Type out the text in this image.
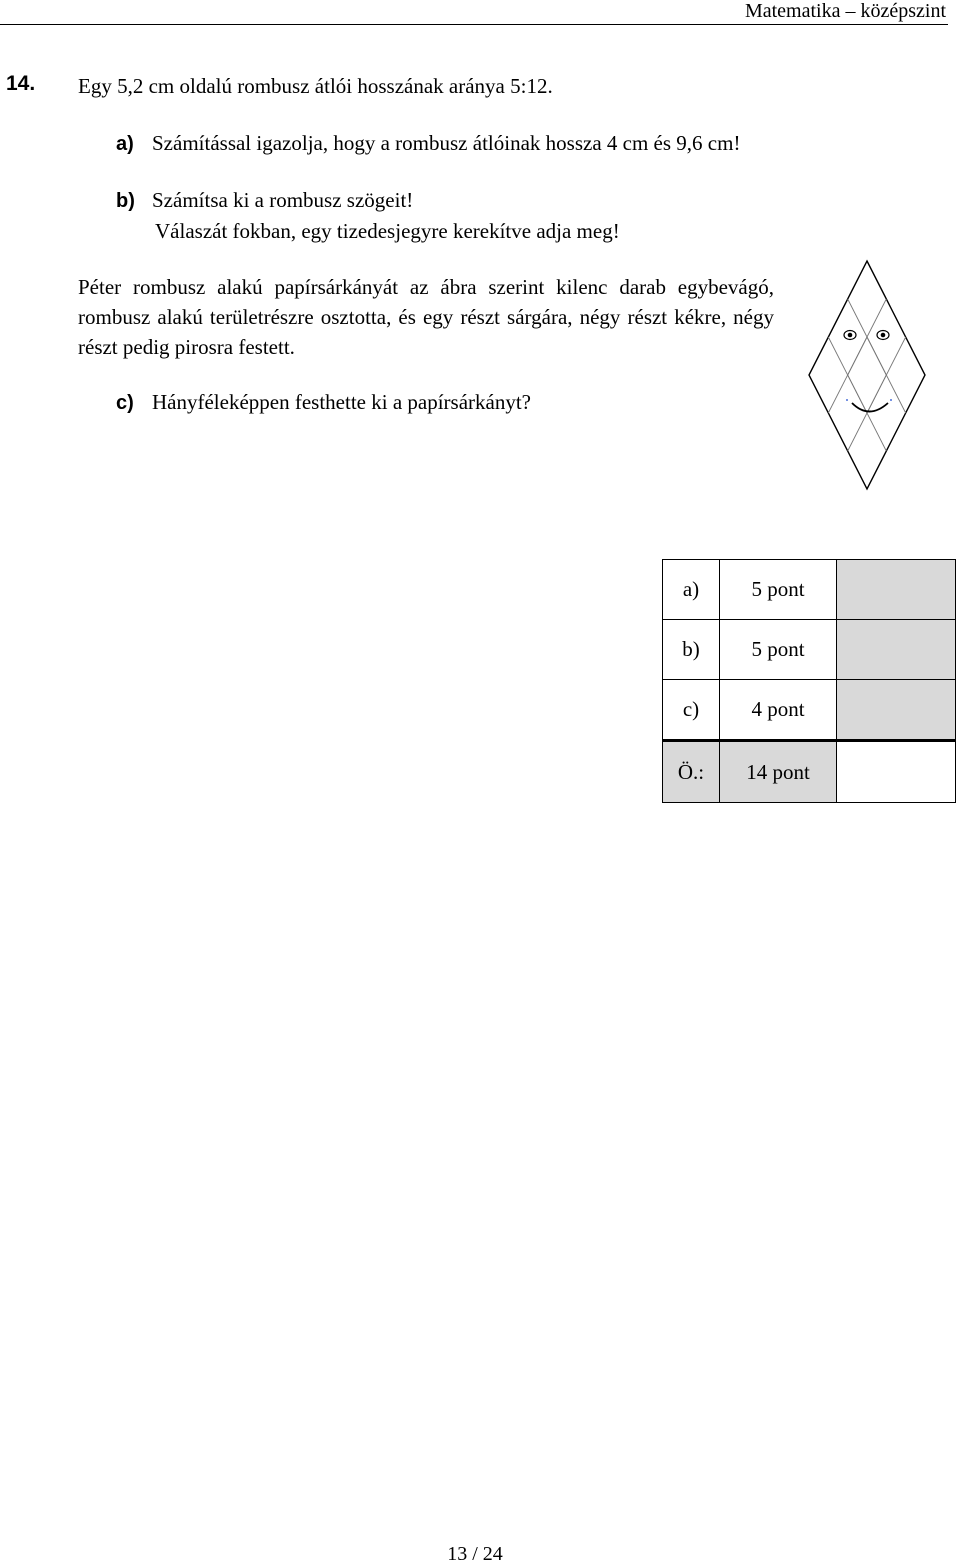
Matematika – középszint
14. Egy 5,2 cm oldalú rombusz átlói hosszának aránya 5:12.
a) Számítással igazolja, hogy a rombusz átlóinak hossza 4 cm és 9,6 cm!
b) Számítsa ki a rombusz szögeit!
Válaszát fokban, egy tizedesjegyre kerekítve adja meg!
Péter rombusz alakú papírsárkányát az ábra szerint kilenc darab egybevágó, rombusz alakú területrészre osztotta, és egy részt sárgára, négy részt kékre, négy részt pedig pirosra festett.
c) Hányféleképpen festhette ki a papírsárkányt?
a)	5 pont	
b)	5 pont	
c)	4 pont	
Ö.:	14 pont	
13 / 24
